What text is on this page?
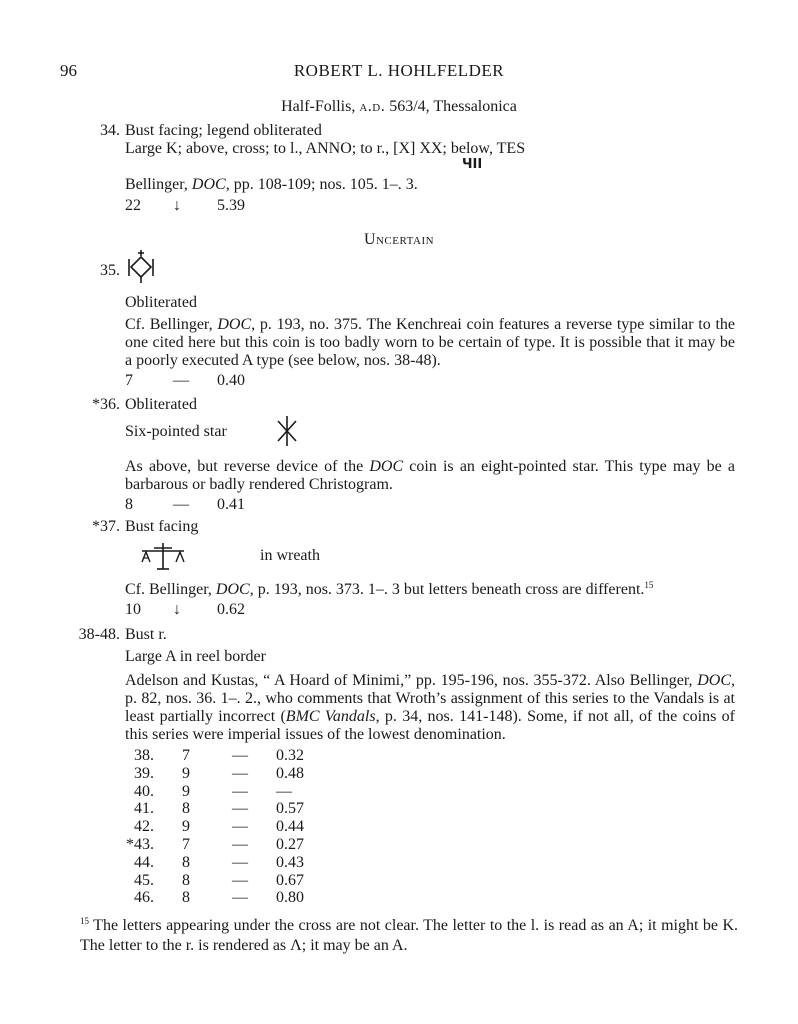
96	ROBERT L. HOHLFELDER
Half-Follis, a.d. 563/4, Thessalonica
34. Bust facing; legend obliterated
Large K; above, cross; to l., ANNO; to r., [X] XX; below, TES
ЧII
Bellinger, DOC, pp. 108-109; nos. 105. 1–. 3.
22 ↓ 5.39
Uncertain
35.
Obliterated
Cf. Bellinger, DOC, p. 193, no. 375. The Kenchreai coin features a reverse type similar to the one cited here but this coin is too badly worn to be certain of type. It is possible that it may be a poorly executed A type (see below, nos. 38-48).
7	— 0.40
*36. Obliterated
Six-pointed star
As above, but reverse device of the DOC coin is an eight-pointed star. This type may be a barbarous or badly rendered Christogram.
8	— 0.41
*37. Bust facing
in wreath
Cf. Bellinger, DOC, p. 193, nos. 373. 1–. 3 but letters beneath cross are different.$^{15}$
10 ↓ 0.62
38-48. Bust r.
Large A in reel border
Adelson and Kustas, “ A Hoard of Minimi,” pp. 195-196, nos. 355-372. Also Bellinger, DOC, p. 82, nos. 36. 1–. 2., who comments that Wroth’s assignment of this series to the Vandals is at least partially incorrect (BMC Vandals, p. 34, nos. 141-148). Some, if not all, of the coins of this series were imperial issues of the lowest denomination.
38.	7	—	0.32
39.	9	—	0.48
40.	9	—	—
41.	8	—	0.57
42.	9	—	0.44
*43.	7	—	0.27
44.	8	—	0.43
45.	8	—	0.67
46.	8	—	0.80
$^{15}$ The letters appearing under the cross are not clear. The letter to the l. is read as an A; it might be K. The letter to the r. is rendered as Λ; it may be an A.
